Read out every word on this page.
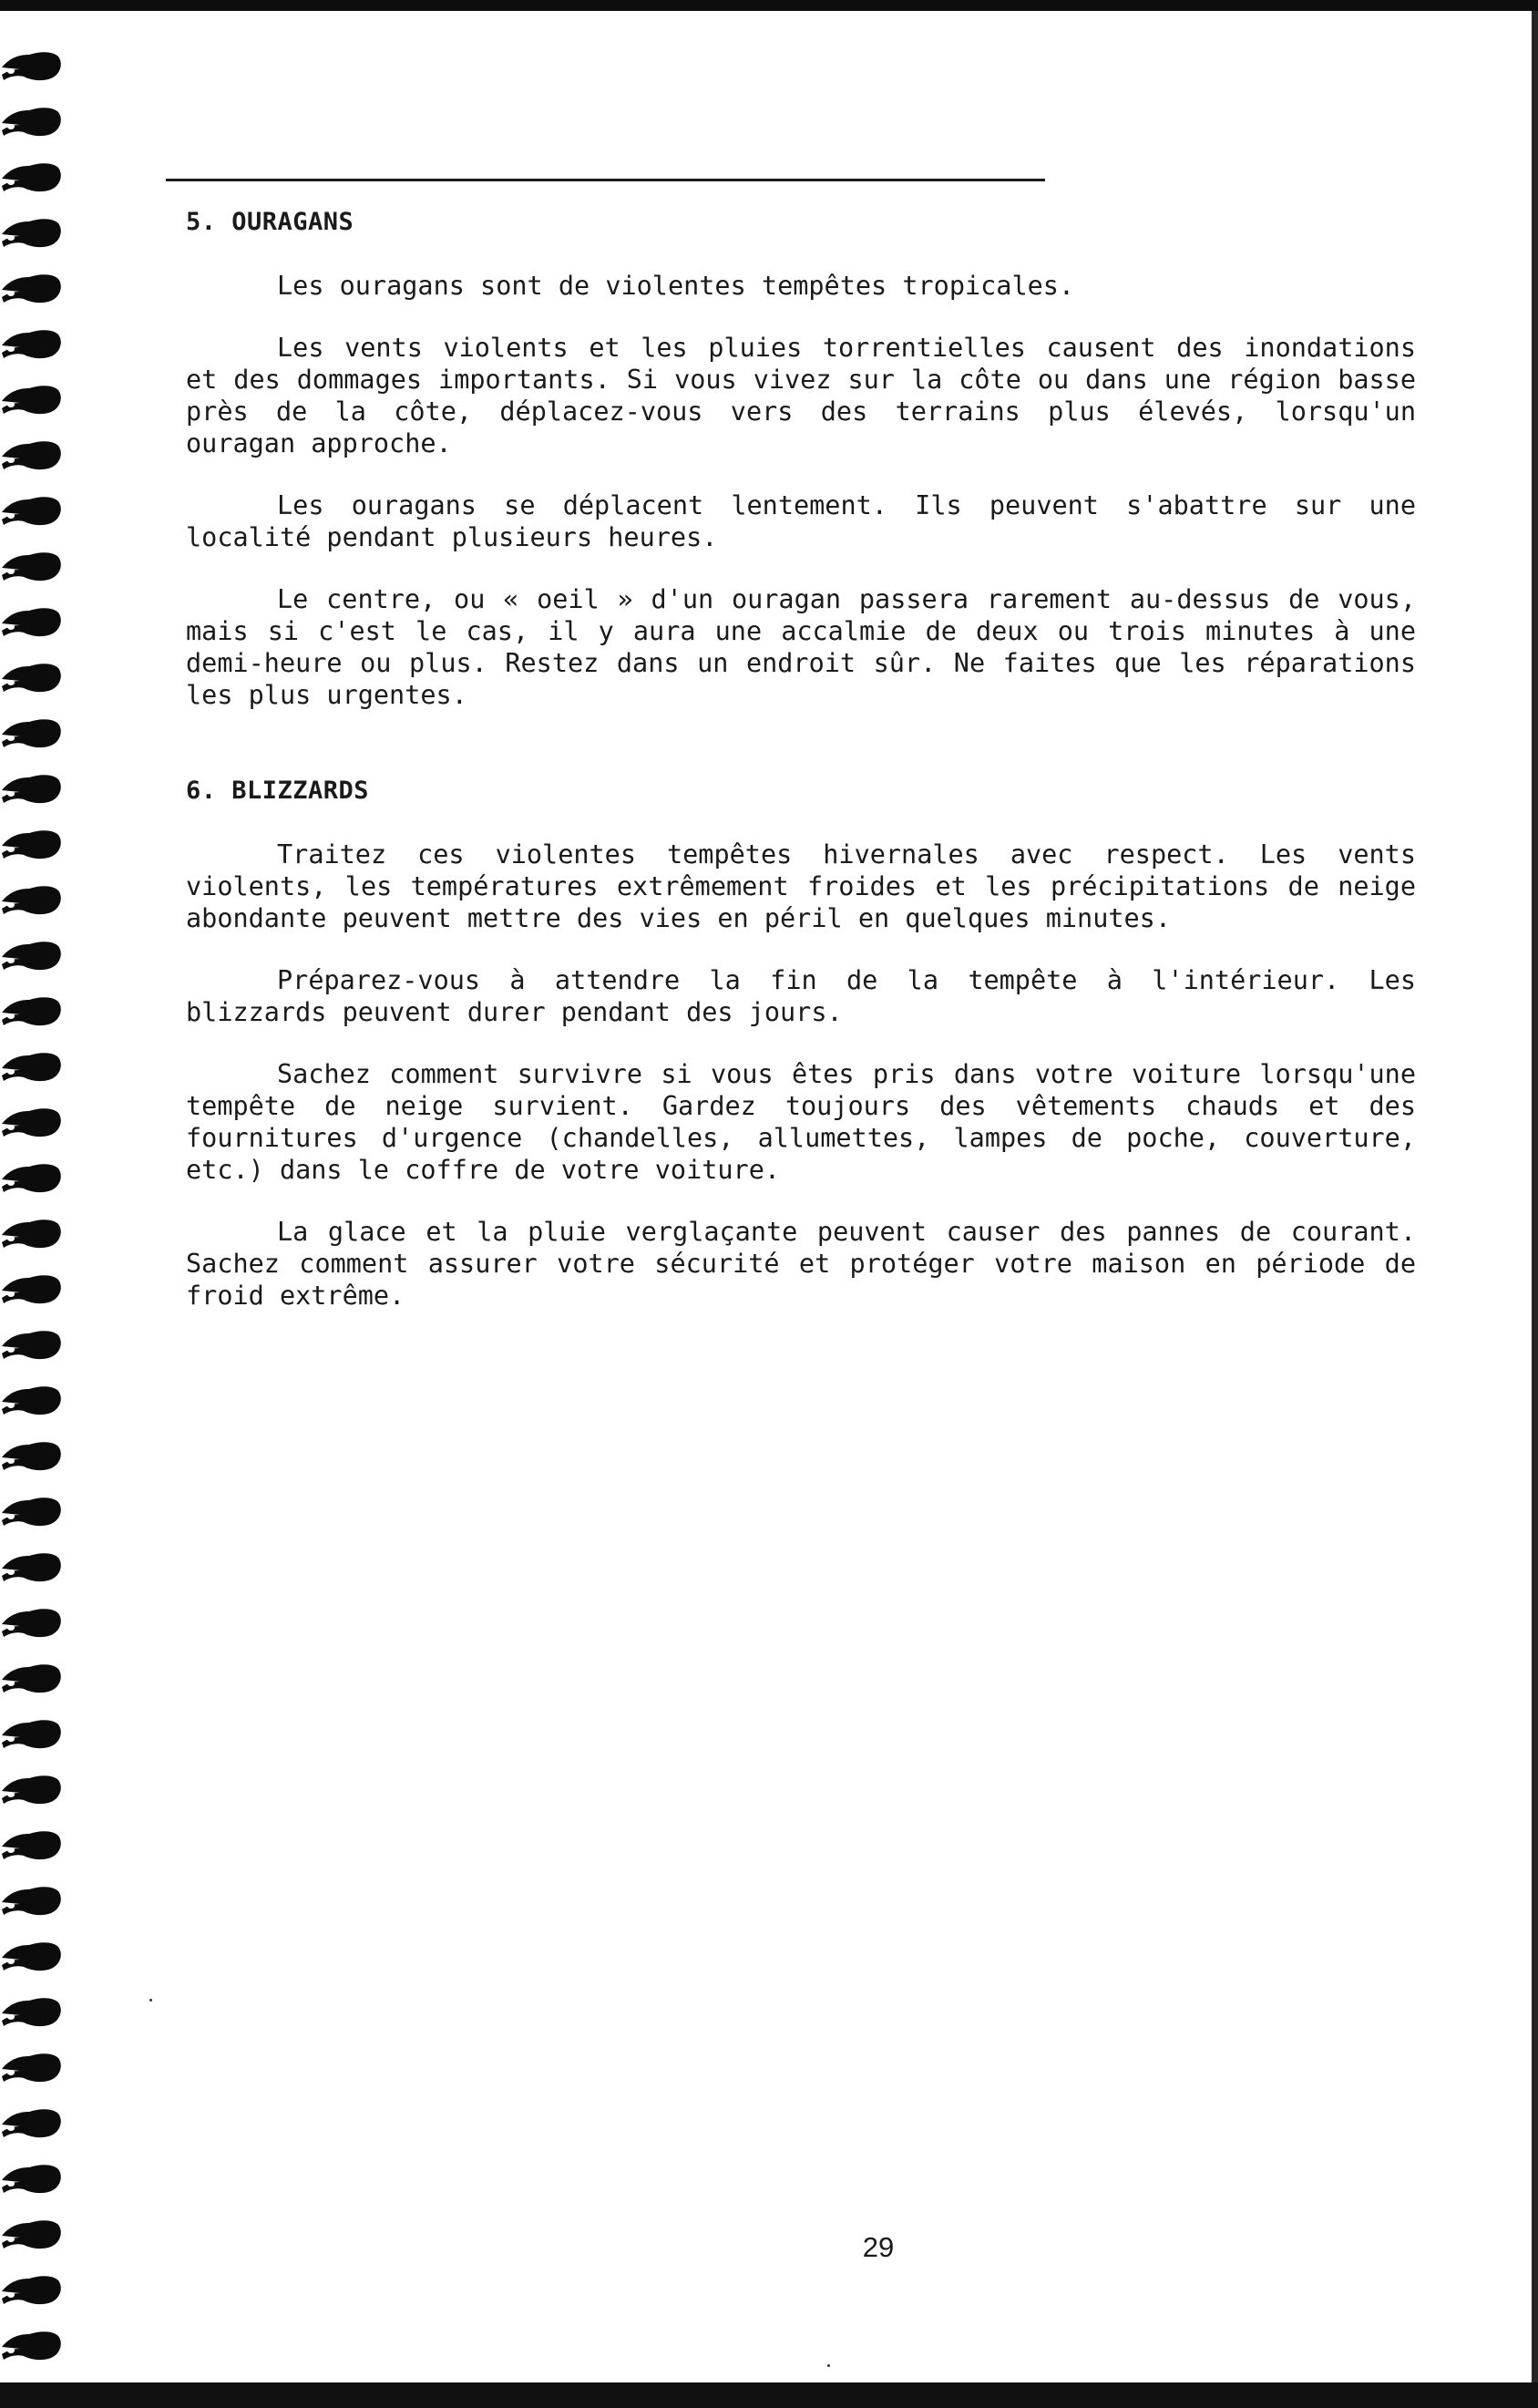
5. OURAGANS

Les ouragans sont de violentes tempêtes tropicales.

Les vents violents et les pluies torrentielles causent des inondations et des dommages importants. Si vous vivez sur la côte ou dans une région basse près de la côte, déplacez-vous vers des terrains plus élevés, lorsqu'un ouragan approche.

Les ouragans se déplacent lentement. Ils peuvent s'abattre sur une localité pendant plusieurs heures.

Le centre, ou « oeil » d'un ouragan passera rarement au-dessus de vous, mais si c'est le cas, il y aura une accalmie de deux ou trois minutes à une demi-heure ou plus. Restez dans un endroit sûr. Ne faites que les réparations les plus urgentes.

6. BLIZZARDS

Traitez ces violentes tempêtes hivernales avec respect. Les vents violents, les températures extrêmement froides et les précipitations de neige abondante peuvent mettre des vies en péril en quelques minutes.

Préparez-vous à attendre la fin de la tempête à l'intérieur. Les blizzards peuvent durer pendant des jours.

Sachez comment survivre si vous êtes pris dans votre voiture lorsqu'une tempête de neige survient. Gardez toujours des vêtements chauds et des fournitures d'urgence (chandelles, allumettes, lampes de poche, couverture, etc.) dans le coffre de votre voiture.

La glace et la pluie verglaçante peuvent causer des pannes de courant. Sachez comment assurer votre sécurité et protéger votre maison en période de froid extrême.

29
